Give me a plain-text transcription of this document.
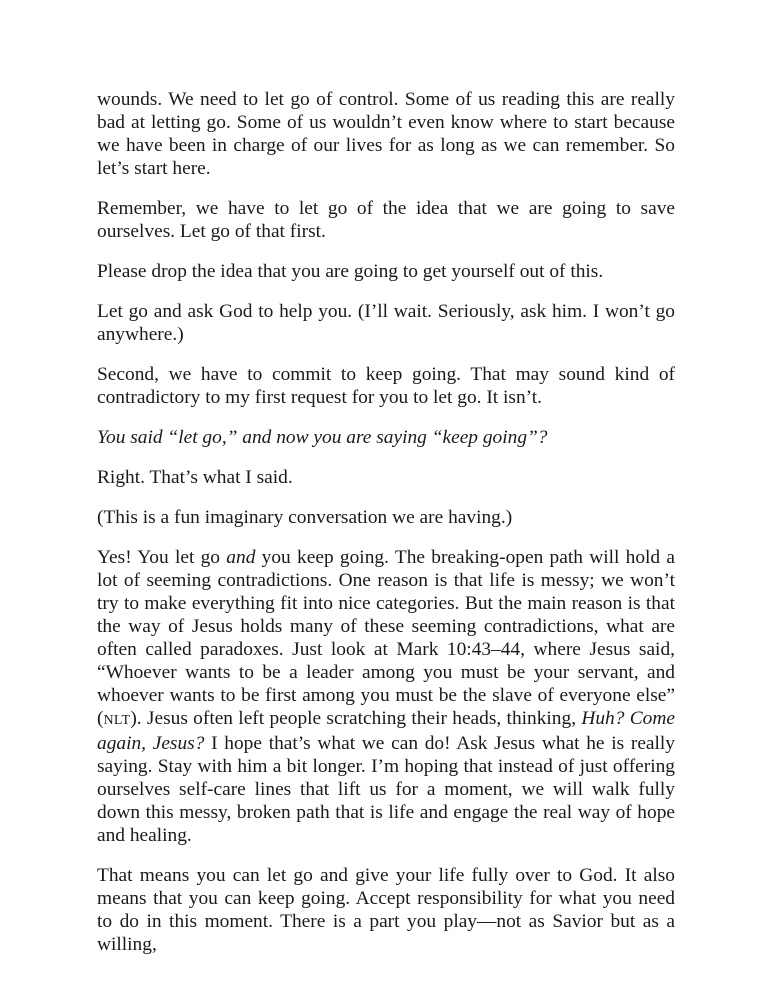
wounds. We need to let go of control. Some of us reading this are really bad at letting go. Some of us wouldn’t even know where to start because we have been in charge of our lives for as long as we can remember. So let’s start here.

Remember, we have to let go of the idea that we are going to save ourselves. Let go of that first.

Please drop the idea that you are going to get yourself out of this.

Let go and ask God to help you. (I’ll wait. Seriously, ask him. I won’t go anywhere.)

Second, we have to commit to keep going. That may sound kind of contradictory to my first request for you to let go. It isn’t.

You said “let go,” and now you are saying “keep going”?

Right. That’s what I said.

(This is a fun imaginary conversation we are having.)

Yes! You let go and you keep going. The breaking-open path will hold a lot of seeming contradictions. One reason is that life is messy; we won’t try to make everything fit into nice categories. But the main reason is that the way of Jesus holds many of these seeming contradictions, what are often called paradoxes. Just look at Mark 10:43–44, where Jesus said, “Whoever wants to be a leader among you must be your servant, and whoever wants to be first among you must be the slave of everyone else” (NLT). Jesus often left people scratching their heads, thinking, Huh? Come again, Jesus? I hope that’s what we can do! Ask Jesus what he is really saying. Stay with him a bit longer. I’m hoping that instead of just offering ourselves self-care lines that lift us for a moment, we will walk fully down this messy, broken path that is life and engage the real way of hope and healing.

That means you can let go and give your life fully over to God. It also means that you can keep going. Accept responsibility for what you need to do in this moment. There is a part you play—not as Savior but as a willing,
